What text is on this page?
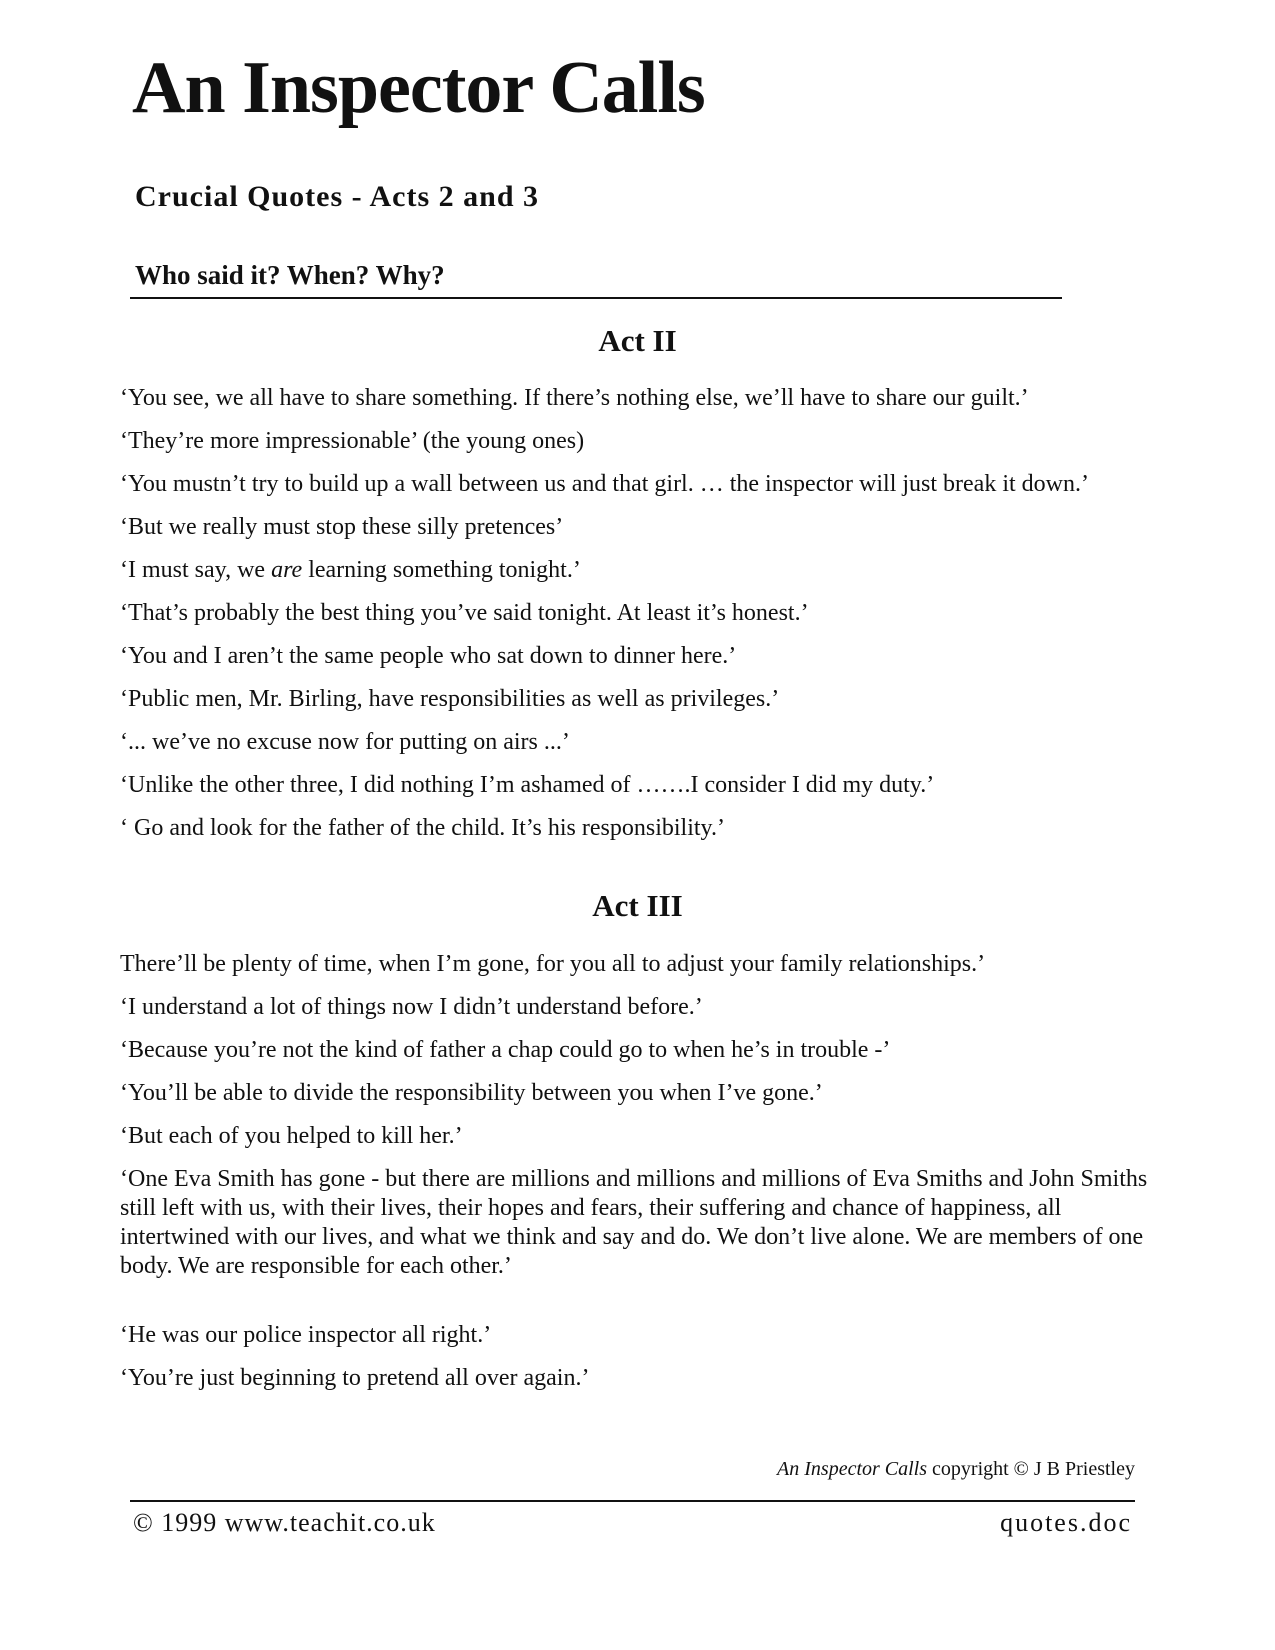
An Inspector Calls
Crucial Quotes - Acts 2 and 3
Who said it? When? Why?
Act II
‘You see, we all have to share something. If there’s nothing else, we’ll have to share our guilt.’
‘They’re more impressionable’ (the young ones)
‘You mustn’t try to build up a wall between us and that girl. … the inspector will just break it down.’
‘But we really must stop these silly pretences’
‘I must say, we are learning something tonight.’
‘That’s probably the best thing you’ve said tonight. At least it’s honest.’
‘You and I aren’t the same people who sat down to dinner here.’
‘Public men, Mr. Birling, have responsibilities as well as privileges.’
‘... we’ve no excuse now for putting on airs ...’
‘Unlike the other three, I did nothing I’m ashamed of …….I consider I did my duty.’
‘ Go and look for the father of the child. It’s his responsibility.’
Act III
There’ll be plenty of time, when I’m gone, for you all to adjust your family relationships.’
‘I understand a lot of things now I didn’t understand before.’
‘Because you’re not the kind of father a chap could go to when he’s in trouble -’
‘You’ll be able to divide the responsibility between you when I’ve gone.’
‘But each of you helped to kill her.’
‘One Eva Smith has gone - but there are millions and millions and millions of Eva Smiths and John Smiths still left with us, with their lives, their hopes and fears, their suffering and chance of happiness, all intertwined with our lives, and what we think and say and do. We don’t live alone. We are members of one body. We are responsible for each other.’
‘He was our police inspector all right.’
‘You’re just beginning to pretend all over again.’
An Inspector Calls copyright © J B Priestley
© 1999 www.teachit.co.uk	quotes.doc
